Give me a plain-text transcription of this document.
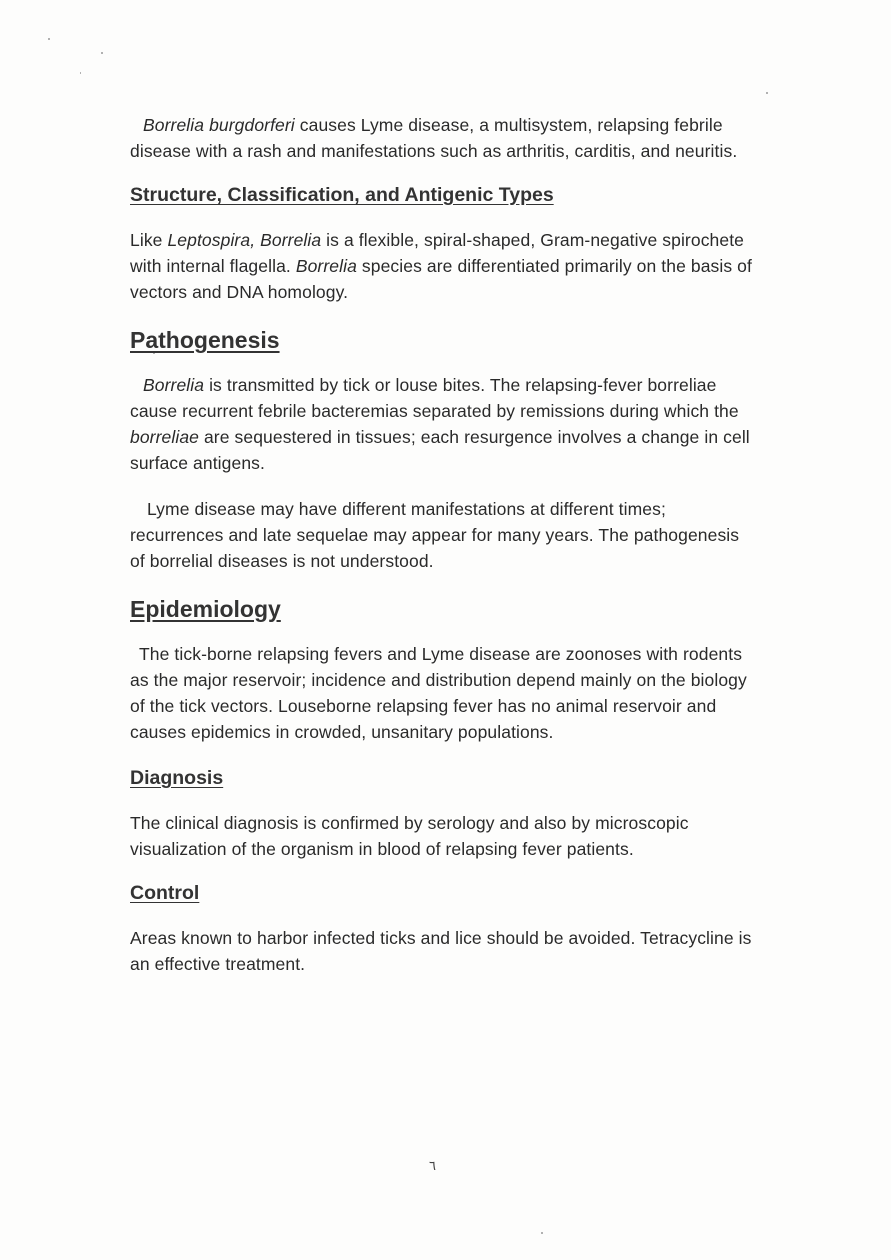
Borrelia burgdorferi causes Lyme disease, a multisystem, relapsing febrile disease with a rash and manifestations such as arthritis, carditis, and neuritis.

Structure, Classification, and Antigenic Types

Like Leptospira, Borrelia is a flexible, spiral-shaped, Gram-negative spirochete with internal flagella. Borrelia species are differentiated primarily on the basis of vectors and DNA homology.

Pathogenesis

Borrelia is transmitted by tick or louse bites. The relapsing-fever borreliae cause recurrent febrile bacteremias separated by remissions during which the borreliae are sequestered in tissues; each resurgence involves a change in cell surface antigens.

Lyme disease may have different manifestations at different times; recurrences and late sequelae may appear for many years. The pathogenesis of borrelial diseases is not understood.

Epidemiology

The tick-borne relapsing fevers and Lyme disease are zoonoses with rodents as the major reservoir; incidence and distribution depend mainly on the biology of the tick vectors. Louseborne relapsing fever has no animal reservoir and causes epidemics in crowded, unsanitary populations.

Diagnosis

The clinical diagnosis is confirmed by serology and also by microscopic visualization of the organism in blood of relapsing fever patients.

Control

Areas known to harbor infected ticks and lice should be avoided. Tetracycline is an effective treatment.

٦
